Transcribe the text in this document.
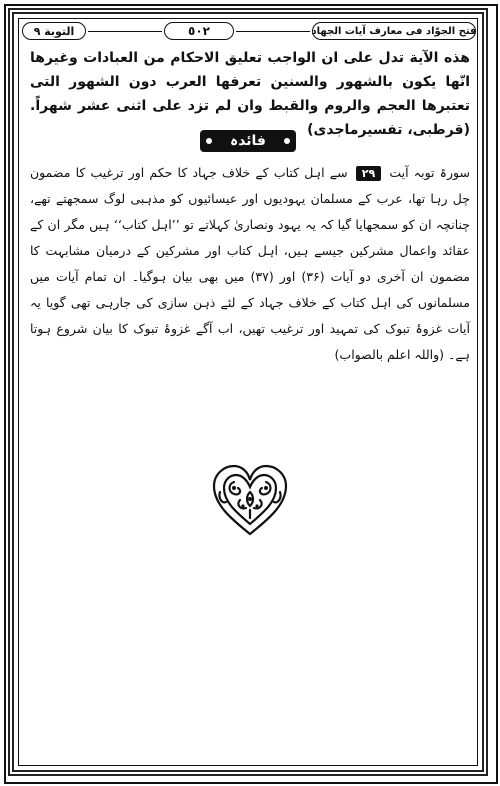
فتح الجوّاد فی معارف آيات الجهاد
٥٠٢
التوبة ٩
هذه الآية تدل على ان الواجب تعليق الاحكام من العبادات وغيرها انّها يكون بالشهور والسنين تعرفها العرب دون الشهور التى تعتبرها العجم والروم والقبط وان لم تزد على اثنى عشر شهراً. (قرطبى، تفسيرماجدى)
فائدہ
سورۃ توبہ آیت ۲۹ سے اہل کتاب کے خلاف جہاد کا حکم اور ترغیب کا مضمون چل رہا تھا، عرب کے مسلمان یہودیوں اور عیسائیوں کو مذہبی لوگ سمجھتے تھے، چنانچہ ان کو سمجھایا گیا کہ یہ یہود ونصاریٰ کہلاتے تو ’’اہل کتاب‘‘ ہیں مگر ان کے عقائد واعمال مشرکین جیسے ہیں، اہل کتاب اور مشرکین کے درمیان مشابہت کا مضمون ان آخری دو آیات (۳۶) اور (۳۷) میں بھی بیان ہوگیا۔ ان تمام آیات میں مسلمانوں کی اہل کتاب کے خلاف جہاد کے لئے ذہن سازی کی جارہی تھی گویا یہ آیات غزوۂ تبوک کی تمہید اور ترغیب تھیں، اب آگے غزوۂ تبوک کا بیان شروع ہوتا ہے۔ (واللہ اعلم بالصواب)
